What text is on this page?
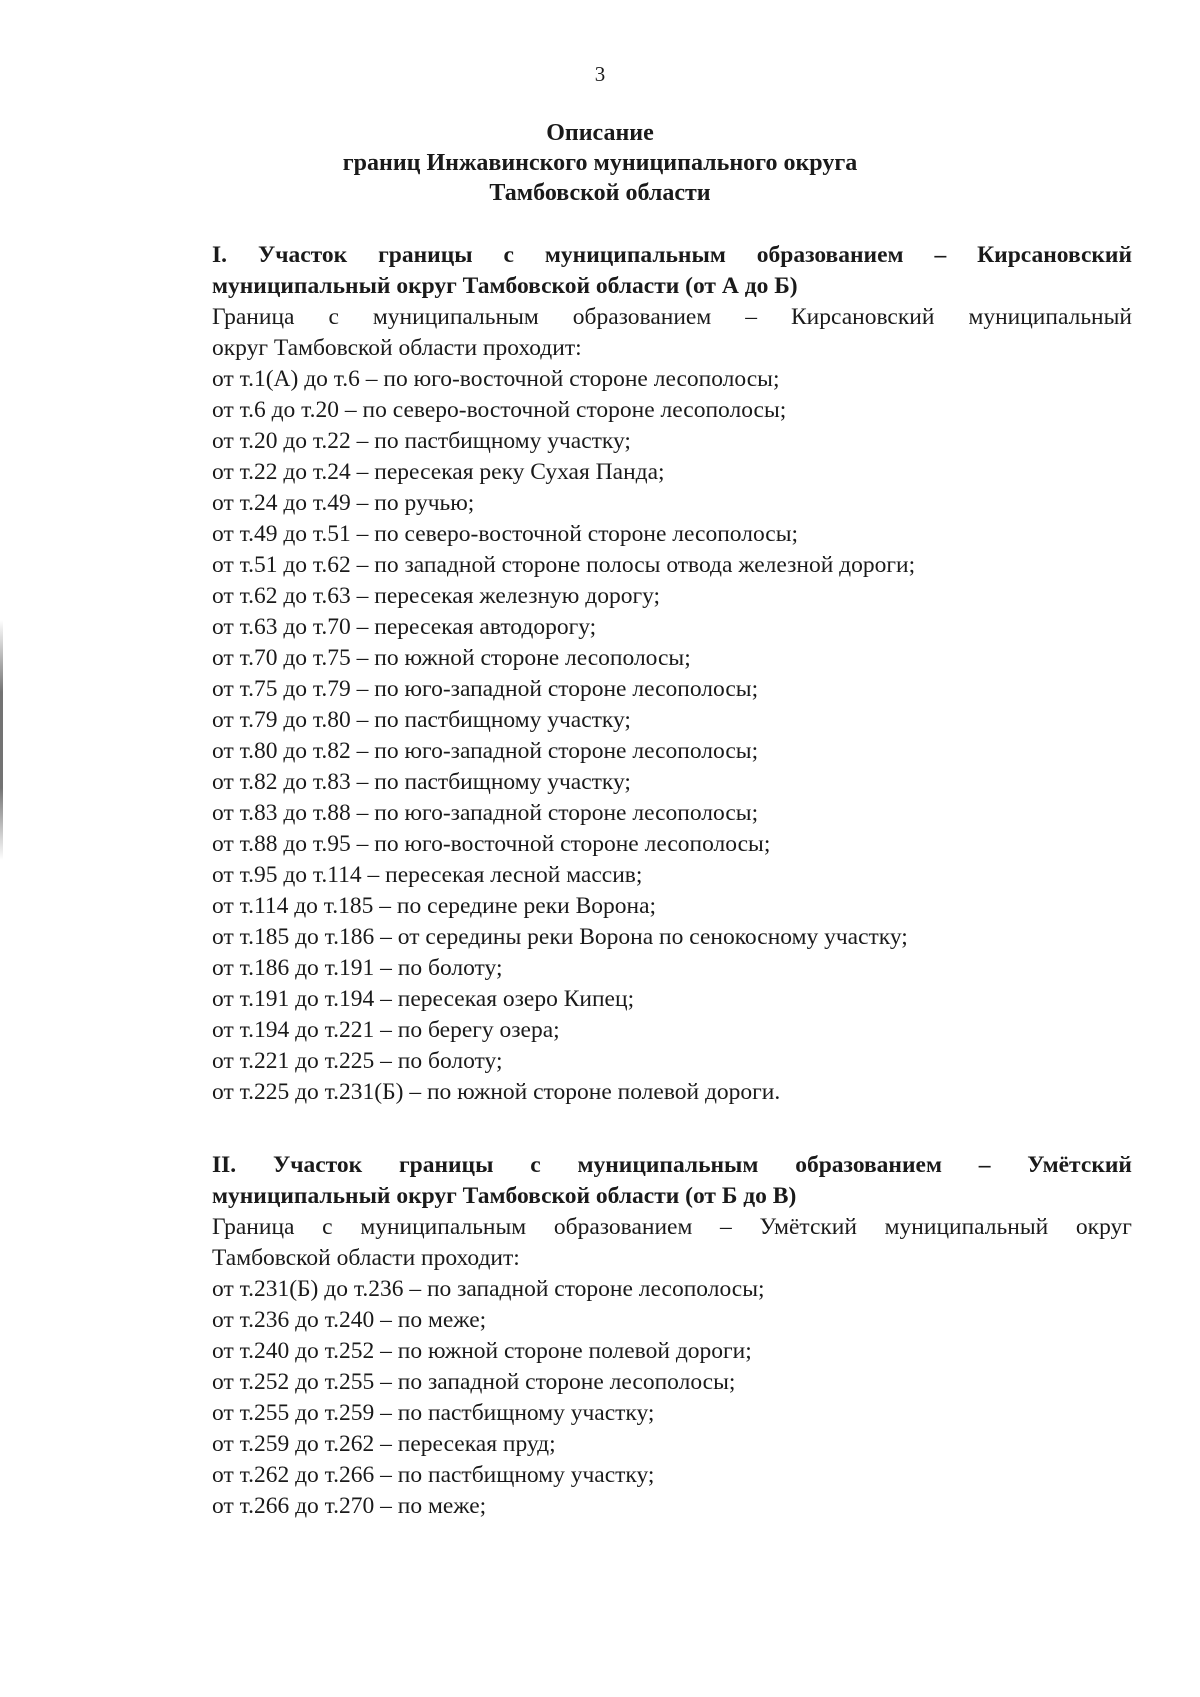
3
Описание
границ Инжавинского муниципального округа
Тамбовской области
I. Участок границы с муниципальным образованием – Кирсановский
муниципальный округ Тамбовской области (от А до Б)
Граница с муниципальным образованием – Кирсановский муниципальный
округ Тамбовской области проходит:
от т.1(А) до т.6 – по юго-восточной стороне лесополосы;
от т.6 до т.20 – по северо-восточной стороне лесополосы;
от т.20 до т.22 – по пастбищному участку;
от т.22 до т.24 – пересекая реку Сухая Панда;
от т.24 до т.49 – по ручью;
от т.49 до т.51 – по северо-восточной стороне лесополосы;
от т.51 до т.62 – по западной стороне полосы отвода железной дороги;
от т.62 до т.63 – пересекая железную дорогу;
от т.63 до т.70 – пересекая автодорогу;
от т.70 до т.75 – по южной стороне лесополосы;
от т.75 до т.79 – по юго-западной стороне лесополосы;
от т.79 до т.80 – по пастбищному участку;
от т.80 до т.82 – по юго-западной стороне лесополосы;
от т.82 до т.83 – по пастбищному участку;
от т.83 до т.88 – по юго-западной стороне лесополосы;
от т.88 до т.95 – по юго-восточной стороне лесополосы;
от т.95 до т.114 – пересекая лесной массив;
от т.114 до т.185 – по середине реки Ворона;
от т.185 до т.186 – от середины реки Ворона по сенокосному участку;
от т.186 до т.191 – по болоту;
от т.191 до т.194 – пересекая озеро Кипец;
от т.194 до т.221 – по берегу озера;
от т.221 до т.225 – по болоту;
от т.225 до т.231(Б) – по южной стороне полевой дороги.
II. Участок границы с муниципальным образованием – Умётский
муниципальный округ Тамбовской области (от Б до В)
Граница с муниципальным образованием – Умётский муниципальный округ
Тамбовской области проходит:
от т.231(Б) до т.236 – по западной стороне лесополосы;
от т.236 до т.240 – по меже;
от т.240 до т.252 – по южной стороне полевой дороги;
от т.252 до т.255 – по западной стороне лесополосы;
от т.255 до т.259 – по пастбищному участку;
от т.259 до т.262 – пересекая пруд;
от т.262 до т.266 – по пастбищному участку;
от т.266 до т.270 – по меже;
